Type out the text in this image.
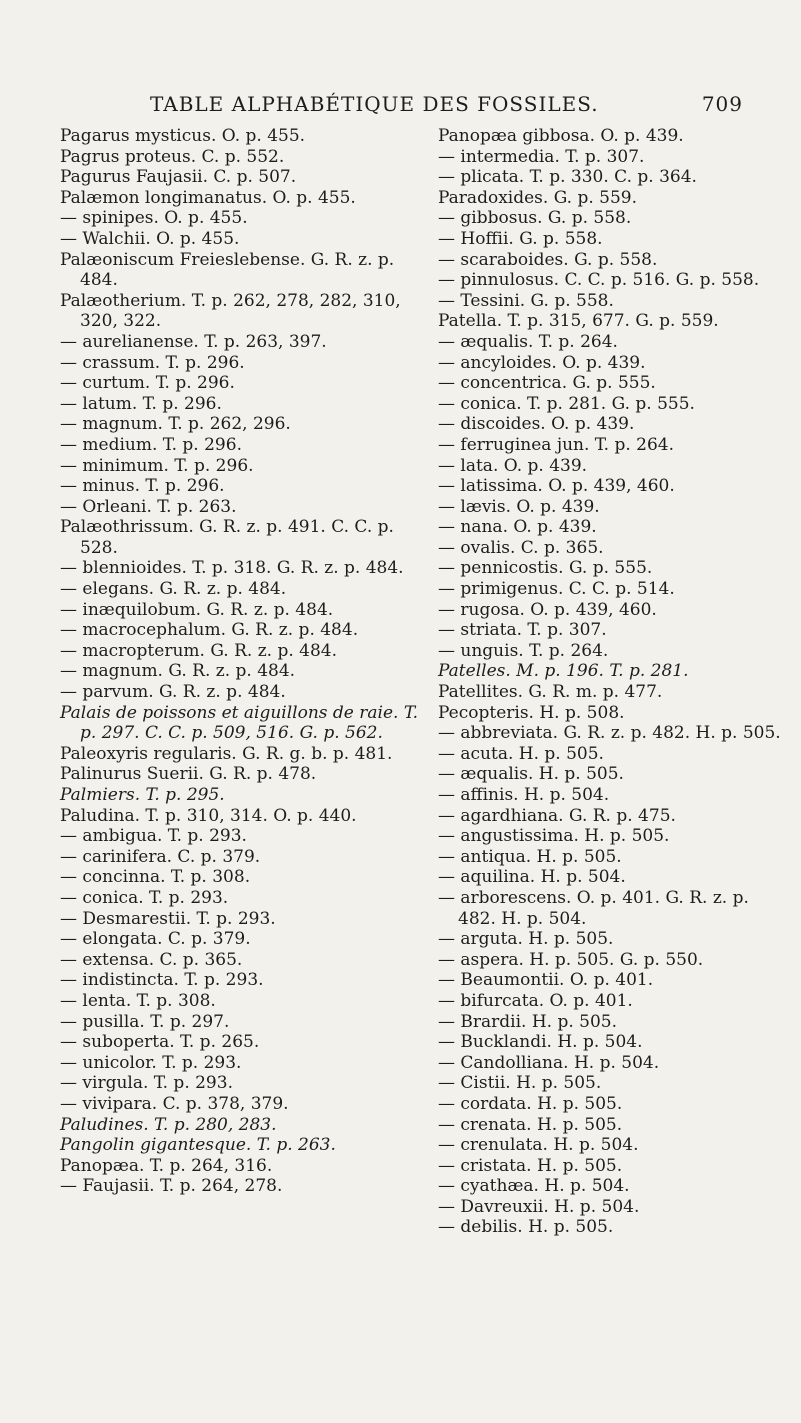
TABLE ALPHABÉTIQUE DES FOSSILES.	709
Pagarus mysticus. O. p. 455.
Pagrus proteus. C. p. 552.
Pagurus Faujasii. C. p. 507.
Palæmon longimanatus. O. p. 455.
— spinipes. O. p. 455.
— Walchii. O. p. 455.
Palæoniscum Freieslebense. G. R. z. p. 484.
Palæotherium. T. p. 262, 278, 282, 310, 320, 322.
— aurelianense. T. p. 263, 397.
— crassum. T. p. 296.
— curtum. T. p. 296.
— latum. T. p. 296.
— magnum. T. p. 262, 296.
— medium. T. p. 296.
— minimum. T. p. 296.
— minus. T. p. 296.
— Orleani. T. p. 263.
Palæothrissum. G. R. z. p. 491. C. C. p. 528.
— blennioides. T. p. 318. G. R. z. p. 484.
— elegans. G. R. z. p. 484.
— inæquilobum. G. R. z. p. 484.
— macrocephalum. G. R. z. p. 484.
— macropterum. G. R. z. p. 484.
— magnum. G. R. z. p. 484.
— parvum. G. R. z. p. 484.
Palais de poissons et aiguillons de raie. T. p. 297. C. C. p. 509, 516. G. p. 562.
Paleoxyris regularis. G. R. g. b. p. 481.
Palinurus Suerii. G. R. p. 478.
Palmiers. T. p. 295.
Paludina. T. p. 310, 314. O. p. 440.
— ambigua. T. p. 293.
— carinifera. C. p. 379.
— concinna. T. p. 308.
— conica. T. p. 293.
— Desmarestii. T. p. 293.
— elongata. C. p. 379.
— extensa. C. p. 365.
— indistincta. T. p. 293.
— lenta. T. p. 308.
— pusilla. T. p. 297.
— suboperta. T. p. 265.
— unicolor. T. p. 293.
— virgula. T. p. 293.
— vivipara. C. p. 378, 379.
Paludines. T. p. 280, 283.
Pangolin gigantesque. T. p. 263.
Panopæa. T. p. 264, 316.
— Faujasii. T. p. 264, 278.
Panopæa gibbosa. O. p. 439.
— intermedia. T. p. 307.
— plicata. T. p. 330. C. p. 364.
Paradoxides. G. p. 559.
— gibbosus. G. p. 558.
— Hoffii. G. p. 558.
— scaraboides. G. p. 558.
— pinnulosus. C. C. p. 516. G. p. 558.
— Tessini. G. p. 558.
Patella. T. p. 315, 677. G. p. 559.
— æqualis. T. p. 264.
— ancyloides. O. p. 439.
— concentrica. G. p. 555.
— conica. T. p. 281. G. p. 555.
— discoides. O. p. 439.
— ferruginea jun. T. p. 264.
— lata. O. p. 439.
— latissima. O. p. 439, 460.
— lævis. O. p. 439.
— nana. O. p. 439.
— ovalis. C. p. 365.
— pennicostis. G. p. 555.
— primigenus. C. C. p. 514.
— rugosa. O. p. 439, 460.
— striata. T. p. 307.
— unguis. T. p. 264.
Patelles. M. p. 196. T. p. 281.
Patellites. G. R. m. p. 477.
Pecopteris. H. p. 508.
— abbreviata. G. R. z. p. 482. H. p. 505.
— acuta. H. p. 505.
— æqualis. H. p. 505.
— affinis. H. p. 504.
— agardhiana. G. R. p. 475.
— angustissima. H. p. 505.
— antiqua. H. p. 505.
— aquilina. H. p. 504.
— arborescens. O. p. 401. G. R. z. p. 482. H. p. 504.
— arguta. H. p. 505.
— aspera. H. p. 505. G. p. 550.
— Beaumontii. O. p. 401.
— bifurcata. O. p. 401.
— Brardii. H. p. 505.
— Bucklandi. H. p. 504.
— Candolliana. H. p. 504.
— Cistii. H. p. 505.
— cordata. H. p. 505.
— crenata. H. p. 505.
— crenulata. H. p. 504.
— cristata. H. p. 505.
— cyathæa. H. p. 504.
— Davreuxii. H. p. 504.
— debilis. H. p. 505.
